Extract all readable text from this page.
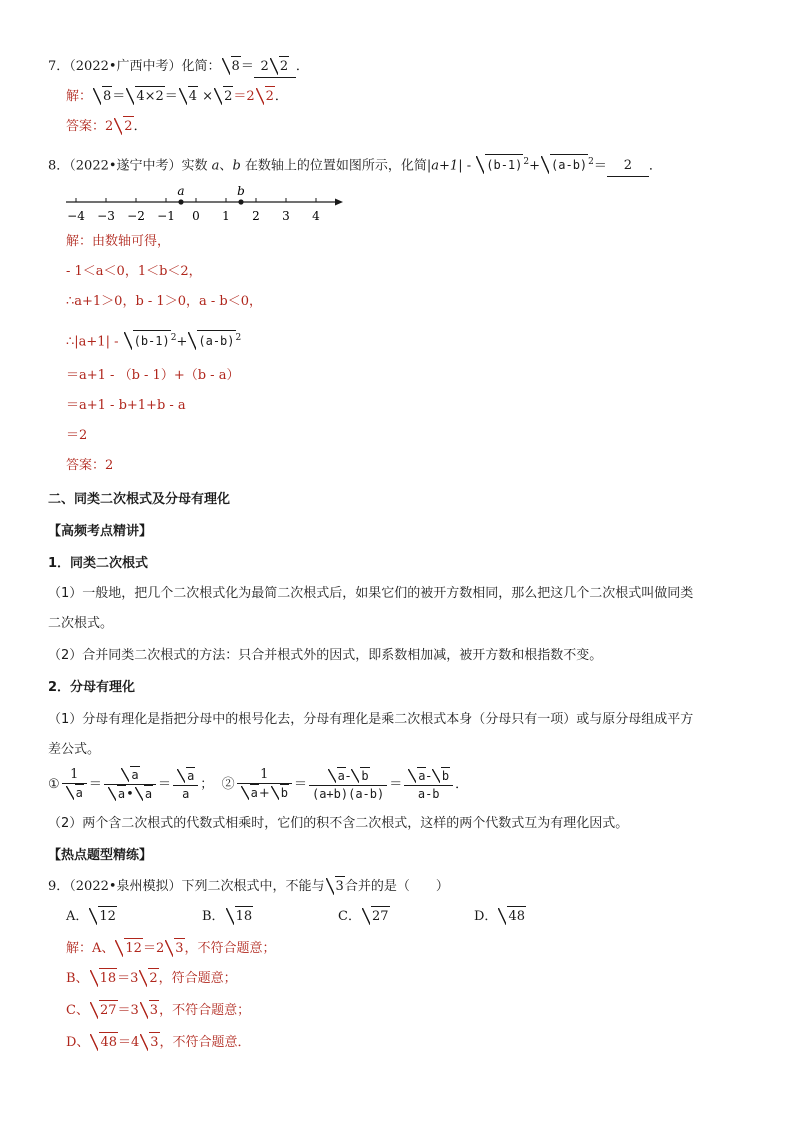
7．（2022•广西中考）化简： 8＝ 2 2 ．
解： 8＝ 4×2＝ 4 × 2＝2 2．
答案：2 2．
8．（2022•遂宁中考）实数 a、b 在数轴上的位置如图所示，化简$|a+1| - (b-1)^2+ (a-b)^2= 2$ ．
−4 −3 −2 −1 0 1 2 3 4
a	b
解：由数轴可得，
- 1＜a＜0，1＜b＜2，
∴a+1＞0，b - 1＞0，a - b＜0，
∴|a+1| - $(b-1)^2+ (a-b)^2$
＝a+1 - （b - 1）+（b - a）
＝a+1 - b+1+b - a
＝2
答案：2
二、同类二次根式及分母有理化
【高频考点精讲】
1．同类二次根式
（1）一般地，把几个二次根式化为最简二次根式后，如果它们的被开方数相同，那么把这几个二次根式叫做同类
二次根式。
（2）合并同类二次根式的方法：只合并根式外的因式，即系数相加减，被开方数和根指数不变。
2．分母有理化
（1）分母有理化是指把分母中的根号化去，分母有理化是乘二次根式本身（分母只有一项）或与原分母组成平方
差公式。
① $\frac{1}{a} = \frac{a}{a• a} = \frac{a}{a}$ ； ② $\frac{1}{a+ b} = \frac{a- b}{(a+b)(a-b)} = \frac{a- b}{a-b}$ ．
（2）两个含二次根式的代数式相乘时，它们的积不含二次根式，这样的两个代数式互为有理化因式。
【热点题型精练】
9．（2022•泉州模拟）下列二次根式中，不能与 3合并的是（　　）
A． 12	B． 18	C． 27	D． 48
解：A、 12＝2 3，不符合题意；
B、 18＝3 2，符合题意；
C、 27＝3 3，不符合题意；
D、 48＝4 3，不符合题意．
